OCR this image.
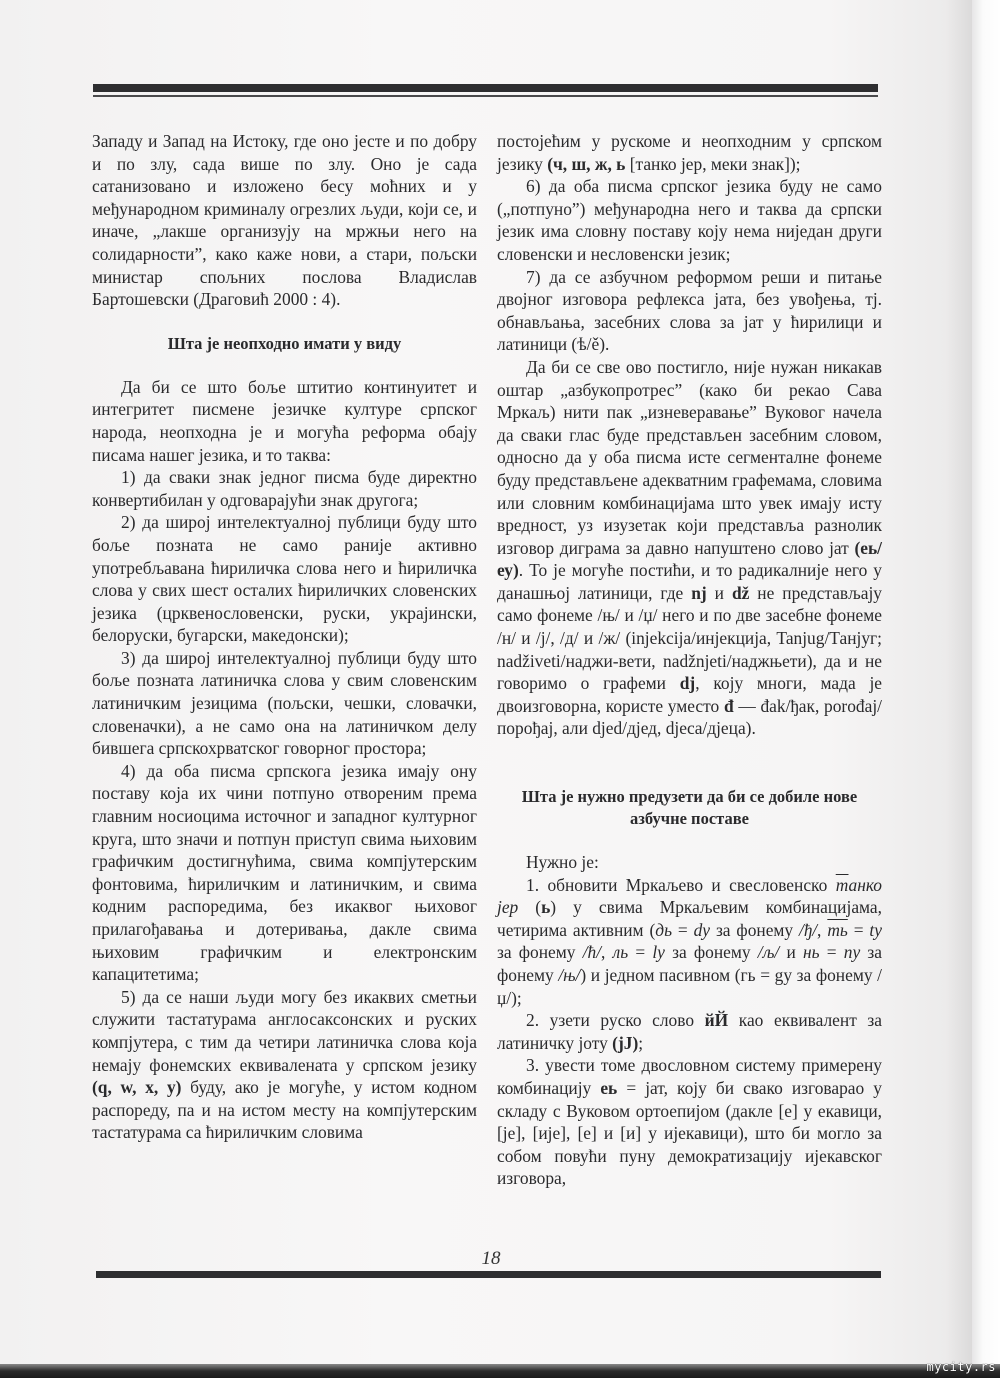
Западу и Запад на Истоку, где оно јесте и по добру и по злу, сада више по злу. Оно је сада сатанизовано и изложено бесу моћних и у међународном криминалу огрезлих људи, који се, и иначе, „лакше организују на мржњи него на солидарности”, како каже нови, а стари, пољски министар спољних послова Владислав Бартошевски (Драговић 2000 : 4).

Шта је неопходно имати у виду

Да би се што боље штитио континуитет и интегритет писмене језичке културе српског народа, неопходна је и могућа реформа обају писама нашег језика, и то таква:

1) да сваки знак једног писма буде директно конвертибилан у одговарајући знак другога;

2) да широј интелектуалној публици буду што боље позната не само раније активно употребљавана ћириличка слова него и ћириличка слова у свих шест осталих ћириличких словенских језика (црквенословенски, руски, украјински, белоруски, бугарски, македонски);

3) да широј интелектуалној публици буду што боље позната латиничка слова у свим словенским латиничким језицима (пољски, чешки, словачки, словеначки), а не само она на латиничком делу бившега српскохрватског говорног простора;

4) да оба писма српскога језика имају ону поставу која их чини потпуно отвореним према главним носиоцима источног и западног културног круга, што значи и потпун приступ свима њиховим графичким достигнућима, свима компјутерским фонтовима, ћириличким и латиничким, и свима кодним распоредима, без икаквог њиховог прилагођавања и дотеривања, дакле свима њиховим графичким и електронским капацитетима;

5) да се наши људи могу без икаквих сметњи служити тастатурама англосаксонских и руских компјутера, с тим да четири латиничка слова која немају фонемских еквивалената у српском језику (q, w, x, y) буду, ако је могуће, у истом кодном распореду, па и на истом месту на компјутерским тастатурама са ћириличким словима

постојећим у рускоме и неопходним у српском језику (ч, ш, ж, ь [танко јер, меки знак]);

6) да оба писма српског језика буду не само („потпуно”) међународна него и таква да српски језик има словну поставу коју нема ниједан други словенски и несловенски језик;

7) да се азбучном реформом реши и питање двојног изговора рефлекса јата, без увођења, тј. обнављања, засебних слова за јат у ћирилици и латиници (ѣ/ě).

Да би се све ово постигло, није нужан никакав оштар „азбукопротрес” (како би рекао Сава Мркаљ) нити пак „изневеравање” Вуковог начела да сваки глас буде представљен засебним словом, односно да у оба писма исте сегменталне фонеме буду представљене адекватним графемама, словима или словним комбинацијама што увек имају исту вредност, уз изузетак који представља разнолик изговор диграма за давно напуштено слово јат (еь/еу). То је могуће постићи, и то радикалније него у данашњој латиници, где nj и dž не представљају само фонеме /њ/ и /џ/ него и по две засебне фонеме /н/ и /ј/, /д/ и /ж/ (injekcija/инјекција, Tanjug/Танјуг; nadživeti/наджи-вети, nadžnjeti/наджњети), да и не говоримо о графеми dj, коју многи, мада је двоизговорна, користе уместо đ — đak/ђак, porođaj/порођај, али djed/дјед, djeca/дјеца).

Шта је нужно предузети да би се добиле нове азбучне поставе

Нужно је:

1. обновити Мркаљево и свесловенско танко јер (ь) у свима Мркаљевим комбинацијама, четирима активним (дь = dy за фонему /ђ/, ть = ty за фонему /ћ/, ль = ly за фонему /љ/ и нь = ny за фонему /њ/) и једном пасивном (гь = gy за фонему /џ/);

2. узети руско слово йЙ као еквивалент за латиничку јоту (jJ);

3. увести томе двословном систему примерену комбинацију еь = јат, коју би свако изговарао у складу с Вуковом ортоепијом (дакле [е] у екавици, [је], [ије], [е] и [и] у ијекавици), што би могло за собом повући пуну демократизацију ијекавског изговора,

18
mycity.rs
